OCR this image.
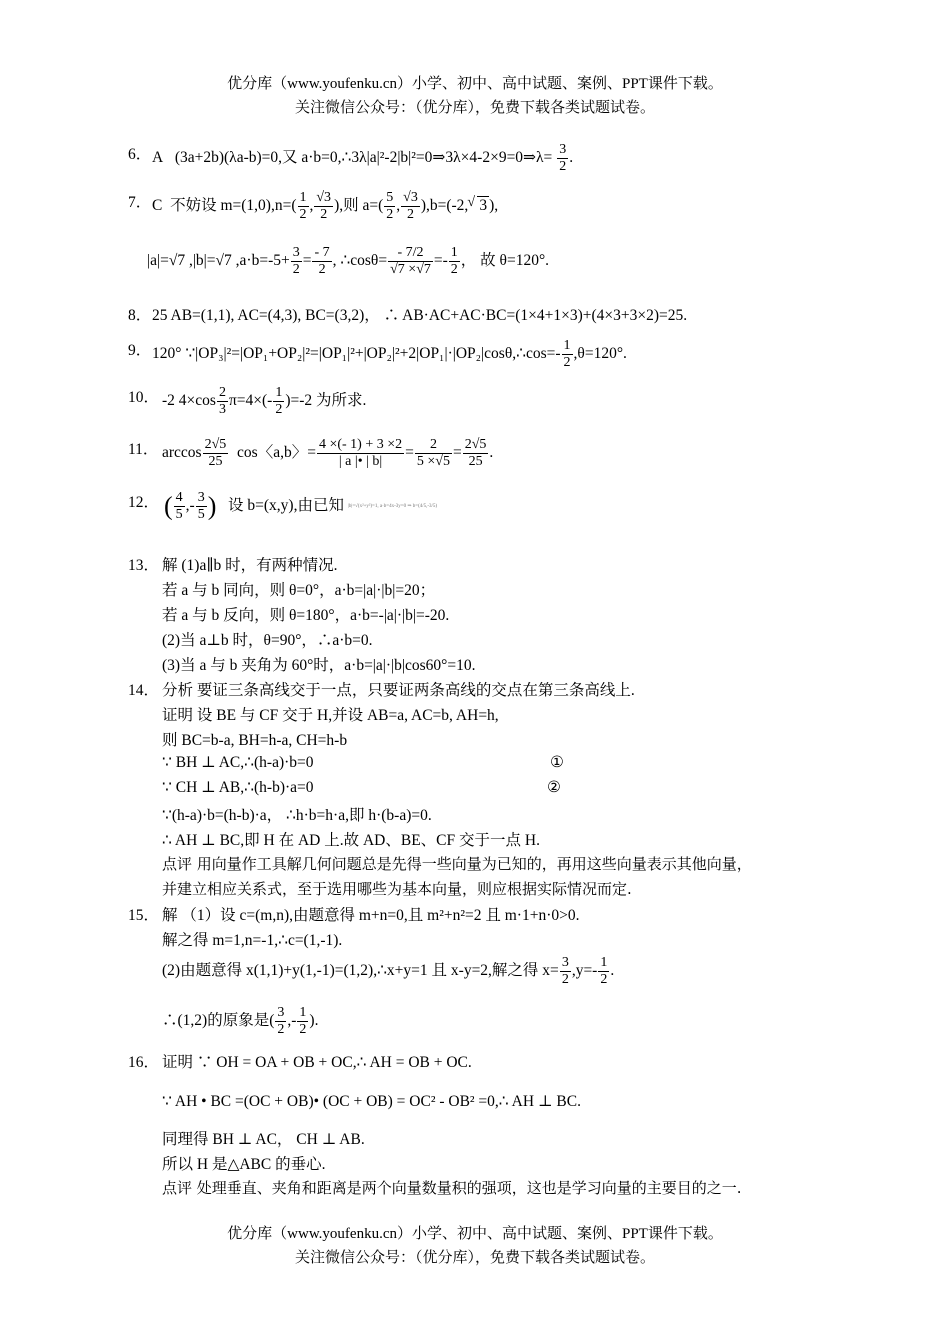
优分库（www.youfenku.cn）小学、初中、高中试题、案例、PPT课件下载。
关注微信公众号：（优分库），免费下载各类试题试卷。
6． A (3a+2b)(λa-b)=0,又 a·b=0,∴3λ|a|²-2|b|²=0⇒3λ×4-2×9=0⇒λ= $\frac{3}{2}$ .
7． C 不妨设 $m=(1,0),n=( \frac{1}{2}$ , $\frac{√3}{2}$ ),则 $a=( \frac{5}{2}$ , $\frac{√3}{2} ),b=(-2,√$ 3 ),
|a|=√7 ,|b|=√7 $,a\cdot b=-5+ \frac{3}{2} = \frac{- 7}{2}$ , ∴cosθ= $\frac{- 7/2}{√7 \times√7} =- \frac{1}{2}$ ， 故 θ=120°.
8． 25 AB=(1,1), AC=(4,3), BC=(3,2)， ∴ AB·AC+AC·BC=(1×4+1×3)+(4×3+3×2)=25.
9． 120° ∵|OP₃|²=|OP₁+OP₂|²=|OP₁|²+|OP₂|²+2|OP₁|·|OP₂|cosθ,∴cos=- $\frac{1}{2} ,\theta=120^\circ$.
10． -2 $4\times\cos \frac{2}{3} \pi=4\times(- \frac{1}{2} )=-2$ 为所求.
11． $\arccos \frac{2√5}{25}$ cos〈a,b〉= $\frac{4 \times(- 1) + 3 \times 2}{| a |• | b|} = \frac{2}{5 \times√5} = \frac{2√5}{25}$ .
12． ( $\frac{4}{5}$ ,- $\frac{3}{5}$ ) 设 b=(x,y),由已知 |b|=√(x²+y²)=1, a·b=4x-3y=0 ⇒ b=(4/5,-3/5)
13． 解 (1)a∥b 时，有两种情况.
若 a 与 b 同向，则 θ=0°，a·b=|a|·|b|=20；
若 a 与 b 反向，则 θ=180°，a·b=-|a|·|b|=-20.
(2)当 a⊥b 时，θ=90°，∴a·b=0.
(3)当 a 与 b 夹角为 60°时，a·b=|a|·|b|cos60°=10.
14． 分析 要证三条高线交于一点，只要证两条高线的交点在第三条高线上.
证明 设 BE 与 CF 交于 H,并设 AB=a, AC=b, AH=h,
则 BC=b-a, BH=h-a, CH=h-b
∵ BH ⊥ AC,∴(h-a)·b=0	①
∵ CH ⊥ AB,∴(h-b)·a=0	②
∵(h-a)·b=(h-b)·a， ∴h·b=h·a,即 h·(b-a)=0.
∴ AH ⊥ BC,即 H 在 AD 上.故 AD、BE、CF 交于一点 H.
点评 用向量作工具解几何问题总是先得一些向量为已知的，再用这些向量表示其他向量，
并建立相应关系式，至于选用哪些为基本向量，则应根据实际情况而定.
15． 解 （1）设 c=(m,n),由题意得 m+n=0,且 m²+n²=2 且 m·1+n·0>0.
解之得 m=1,n=-1,∴c=(1,-1).
(2)由题意得 x(1,1)+y(1,-1)=(1,2),∴x+y=1 且 x-y=2,解之得 $x= \frac{3}{2} ,y=- \frac{1}{2}$ .
∴(1,2)的原象是( $\frac{3}{2}$ ,- $\frac{1}{2}$ ).
16． 证明 ∵ OH = OA + OB + OC,∴ AH = OB + OC.
∵ AH • BC =(OC + OB)• (OC + OB) = OC² - OB² =0,∴ AH ⊥ BC.
同理得 BH ⊥ AC， CH ⊥ AB.
所以 H 是△ABC 的垂心.
点评 处理垂直、夹角和距离是两个向量数量积的强项，这也是学习向量的主要目的之一.
优分库（www.youfenku.cn）小学、初中、高中试题、案例、PPT课件下载。
关注微信公众号：（优分库），免费下载各类试题试卷。
